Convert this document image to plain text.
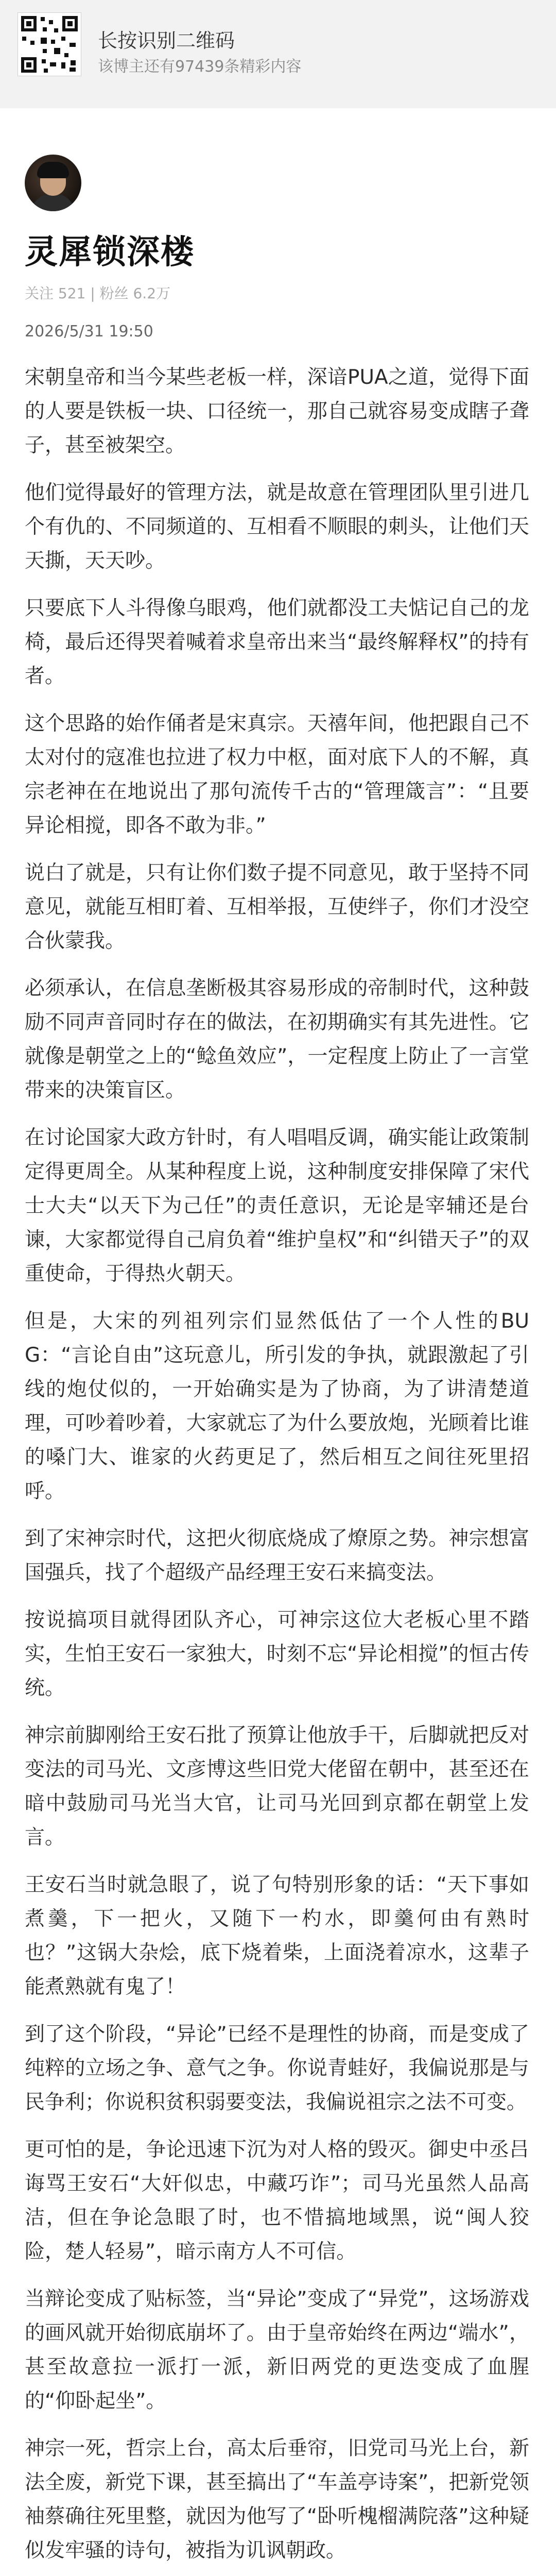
长按识别二维码
该博主还有97439条精彩内容
灵犀锁深楼
关注 521 | 粉丝 6.2万
2026/5/31 19:50

宋朝皇帝和当今某些老板一样，深谙PUA之道，觉得下面的人要是铁板一块、口径统一，那自己就容易变成瞎子聋子，甚至被架空。

他们觉得最好的管理方法，就是故意在管理团队里引进几个有仇的、不同频道的、互相看不顺眼的刺头，让他们天天撕，天天吵。

只要底下人斗得像乌眼鸡，他们就都没工夫惦记自己的龙椅，最后还得哭着喊着求皇帝出来当“最终解释权”的持有者。

这个思路的始作俑者是宋真宗。天禧年间，他把跟自己不太对付的寇准也拉进了权力中枢，面对底下人的不解，真宗老神在在地说出了那句流传千古的“管理箴言”：“且要异论相搅，即各不敢为非。”

说白了就是，只有让你们数子提不同意见，敢于坚持不同意见，就能互相盯着、互相举报，互使绊子，你们才没空合伙蒙我。

必须承认，在信息垄断极其容易形成的帝制时代，这种鼓励不同声音同时存在的做法，在初期确实有其先进性。它就像是朝堂之上的“鲶鱼效应”，一定程度上防止了一言堂带来的决策盲区。

在讨论国家大政方针时，有人唱唱反调，确实能让政策制定得更周全。从某种程度上说，这种制度安排保障了宋代士大夫“以天下为己任”的责任意识，无论是宰辅还是台谏，大家都觉得自己肩负着“维护皇权”和“纠错天子”的双重使命，于得热火朝天。

但是，大宋的列祖列宗们显然低估了一个人性的BUG：“言论自由”这玩意儿，所引发的争执，就跟激起了引线的炮仗似的，一开始确实是为了协商，为了讲清楚道理，可吵着吵着，大家就忘了为什么要放炮，光顾着比谁的嗓门大、谁家的火药更足了，然后相互之间往死里招呼。

到了宋神宗时代，这把火彻底烧成了燎原之势。神宗想富国强兵，找了个超级产品经理王安石来搞变法。

按说搞项目就得团队齐心，可神宗这位大老板心里不踏实，生怕王安石一家独大，时刻不忘“异论相搅”的恒古传统。

神宗前脚刚给王安石批了预算让他放手干，后脚就把反对变法的司马光、文彦博这些旧党大佬留在朝中，甚至还在暗中鼓励司马光当大官，让司马光回到京都在朝堂上发言。

王安石当时就急眼了，说了句特别形象的话：“天下事如煮羹，下一把火，又随下一杓水，即羹何由有熟时也？”这锅大杂烩，底下烧着柴，上面浇着凉水，这辈子能煮熟就有鬼了！

到了这个阶段，“异论”已经不是理性的协商，而是变成了纯粹的立场之争、意气之争。你说青蛙好，我偏说那是与民争利；你说积贫积弱要变法，我偏说祖宗之法不可变。

更可怕的是，争论迅速下沉为对人格的毁灭。御史中丞吕诲骂王安石“大奸似忠，中藏巧诈”；司马光虽然人品高洁，但在争论急眼了时，也不惜搞地域黑，说“闽人狡险，楚人轻易”，暗示南方人不可信。

当辩论变成了贴标签，当“异论”变成了“异党”，这场游戏的画风就开始彻底崩坏了。由于皇帝始终在两边“端水”，甚至故意拉一派打一派，新旧两党的更迭变成了血腥的“仰卧起坐”。

神宗一死，哲宗上台，高太后垂帘，旧党司马光上台，新法全废，新党下课，甚至搞出了“车盖亭诗案”，把新党领袖蔡确往死里整，就因为他写了“卧听槐榴满院落”这种疑似发牢骚的诗句，被指为讥讽朝政。
